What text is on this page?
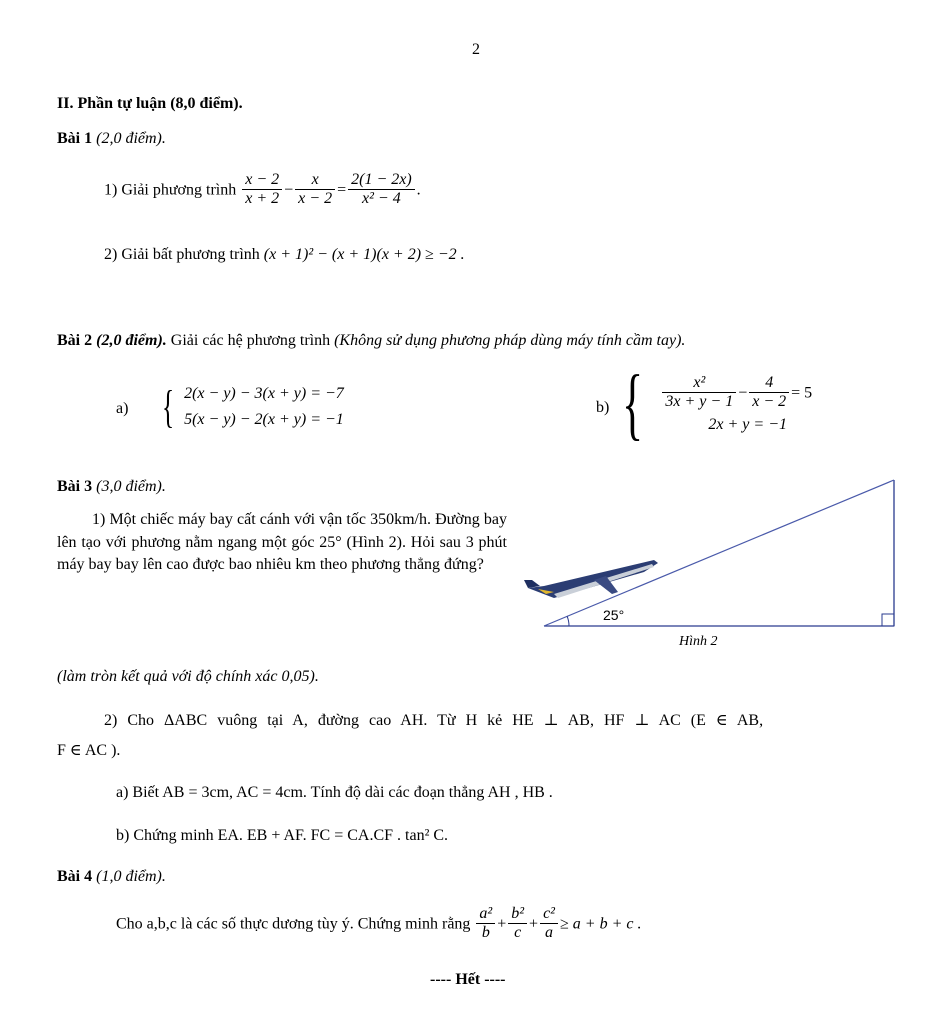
2
II. Phần tự luận (8,0 điểm).
Bài 1 (2,0 điểm).
1) Giải phương trình $\frac{x - 2}{x + 2} - \frac{x}{x - 2} = \frac{2(1 - 2x)}{\text{x² − 4}}$ .
2) Giải bất phương trình (x + 1)² − (x + 1)(x + 2) ≥ −2 .
Bài 2 (2,0 điểm). Giải các hệ phương trình (Không sử dụng phương pháp dùng máy tính cầm tay).
a) { 2(x − y) − 3(x + y) = −7
5(x − y) − 2(x + y) = −1
b) { $\frac{\text{x²}}{3x + y - 1} - \frac{4}{x - 2} = 5$
2x + y = −1
Bài 3 (3,0 điểm).
1) Một chiếc máy bay cất cánh với vận tốc 350km/h. Đường bay lên tạo với phương nằm ngang một góc 25° (Hình 2). Hỏi sau 3 phút máy bay bay lên cao được bao nhiêu km theo phương thẳng đứng?
25°
Hình 2
(làm tròn kết quả với độ chính xác 0,05).
2) Cho ΔABC vuông tại A, đường cao AH. Từ H kẻ HE ⊥ AB, HF ⊥ AC (E ∈ AB,
F ∈ AC ).
a) Biết AB = 3cm, AC = 4cm. Tính độ dài các đoạn thẳng AH , HB .
b) Chứng minh EA. EB + AF. FC = CA.CF . tan² C.
Bài 4 (1,0 điểm).
Cho a,b,c là các số thực dương tùy ý. Chứng minh rằng $\frac{\text{a²}}{b} + \frac{\text{b²}}{c} + \frac{\text{c²}}{a} \ge a + b + c$ .
---- Hết ----
